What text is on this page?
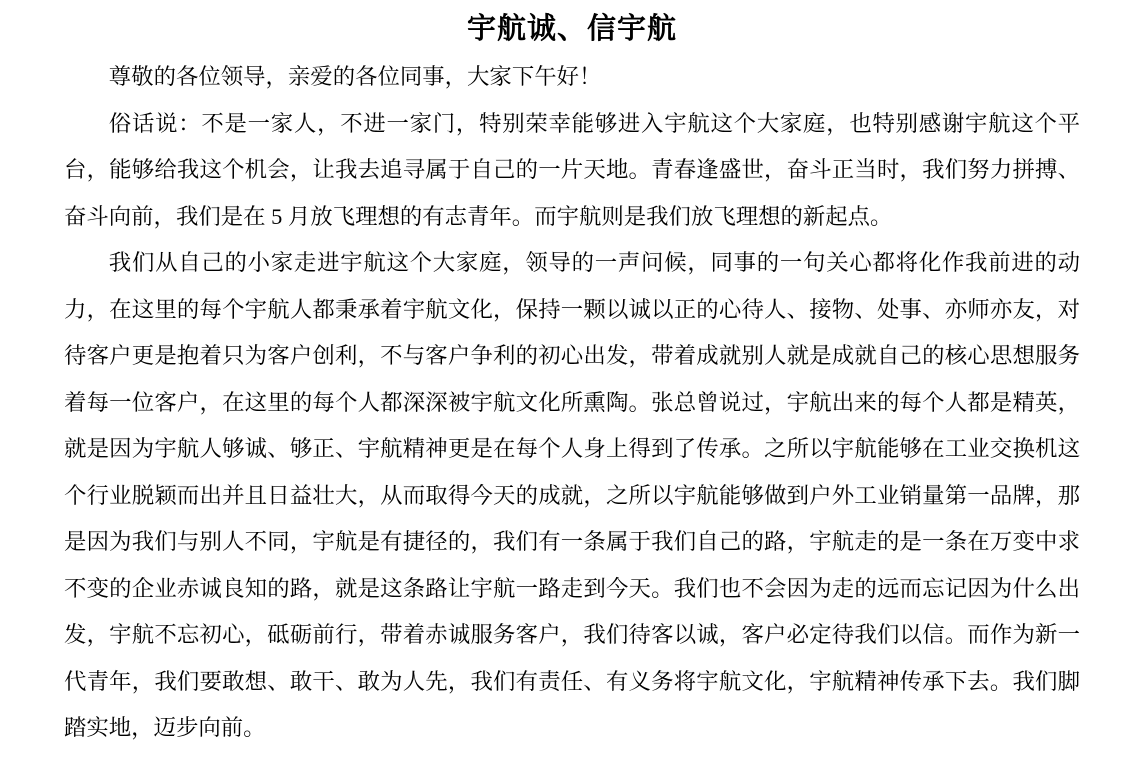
宇航诚、信宇航

尊敬的各位领导，亲爱的各位同事，大家下午好！

俗话说：不是一家人，不进一家门，特别荣幸能够进入宇航这个大家庭，也特别感谢宇航这个平台，能够给我这个机会，让我去追寻属于自己的一片天地。青春逢盛世，奋斗正当时，我们努力拼搏、奋斗向前，我们是在 5 月放飞理想的有志青年。而宇航则是我们放飞理想的新起点。

我们从自己的小家走进宇航这个大家庭，领导的一声问候，同事的一句关心都将化作我前进的动力，在这里的每个宇航人都秉承着宇航文化，保持一颗以诚以正的心待人、接物、处事、亦师亦友，对待客户更是抱着只为客户创利，不与客户争利的初心出发，带着成就别人就是成就自己的核心思想服务着每一位客户，在这里的每个人都深深被宇航文化所熏陶。张总曾说过，宇航出来的每个人都是精英，就是因为宇航人够诚、够正、宇航精神更是在每个人身上得到了传承。之所以宇航能够在工业交换机这个行业脱颖而出并且日益壮大，从而取得今天的成就，之所以宇航能够做到户外工业销量第一品牌，那是因为我们与别人不同，宇航是有捷径的，我们有一条属于我们自己的路，宇航走的是一条在万变中求不变的企业赤诚良知的路，就是这条路让宇航一路走到今天。我们也不会因为走的远而忘记因为什么出发，宇航不忘初心，砥砺前行，带着赤诚服务客户，我们待客以诚，客户必定待我们以信。而作为新一代青年，我们要敢想、敢干、敢为人先，我们有责任、有义务将宇航文化，宇航精神传承下去。我们脚踏实地，迈步向前。
